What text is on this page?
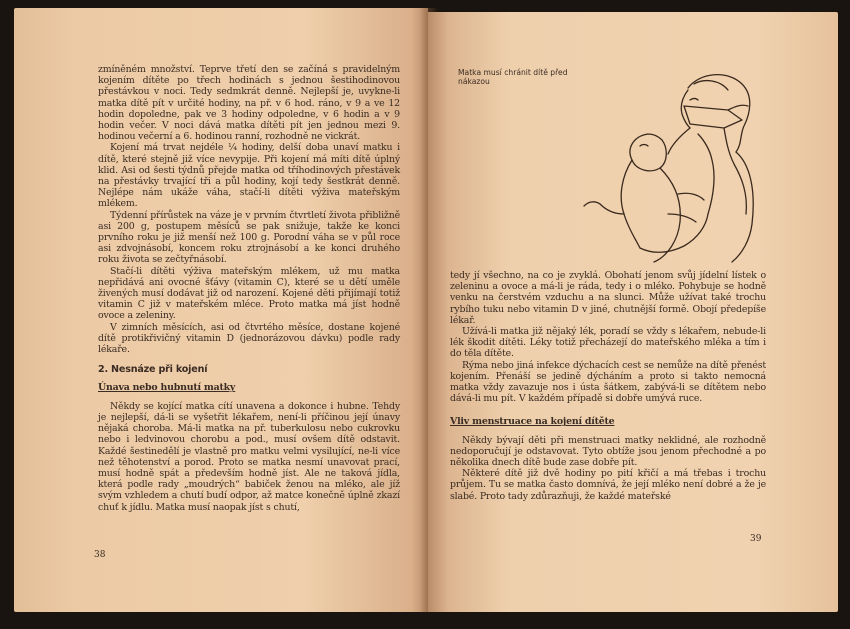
zmíněném množství. Teprve třetí den se začíná s pravidelným kojením dítěte po třech hodinách s jednou šestihodinovou přestávkou v noci. Tedy sedmkrát denně. Nejlepší je, uvykne-li matka dítě pít v určité hodiny, na př. v 6 hod. ráno, v 9 a ve 12 hodin dopoledne, pak ve 3 hodiny odpoledne, v 6 hodin a v 9 hodin večer. V noci dává matka dítěti pít jen jednou mezi 9. hodinou večerní a 6. hodinou ranní, rozhodně ne vickrát.

Kojení má trvat nejdéle ¼ hodiny, delší doba unaví matku i dítě, které stejně již více nevypije. Při kojení má míti dítě úplný klid. Asi od šesti týdnů přejde matka od tříhodinových přestávek na přestávky trvající tři a půl hodiny, kojí tedy šestkrát denně. Nejlépe nám ukáže váha, stačí-li dítěti výživa mateřským mlékem.

Týdenní přírůstek na váze je v prvním čtvrtletí života přibližně asi 200 g, postupem měsíců se pak snižuje, takže ke konci prvního roku je již menší než 100 g. Porodní váha se v půl roce asi zdvojnásobí, koncem roku ztrojnásobí a ke konci druhého roku života se zečtyřnásobí.

Stačí-li dítěti výživa mateřským mlékem, už mu matka nepřidává ani ovocné šťávy (vitamin C), které se u dětí uměle živených musí dodávat již od narození. Kojené děti přijímají totiž vitamin C již v mateřském mléce. Proto matka má jíst hodně ovoce a zeleniny.

V zimních měsících, asi od čtvrtého měsíce, dostane kojené dítě protikřivičný vitamin D (jednorázovou dávku) podle rady lékaře.

2. Nesnáze při kojení
Únava nebo hubnutí matky

Někdy se kojící matka cítí unavena a dokonce i hubne. Tehdy je nejlepší, dá-li se vyšetřit lékařem, není-li příčinou její únavy nějaká choroba. Má-li matka na př. tuberkulosu nebo cukrovku nebo i ledvinovou chorobu a pod., musí ovšem dítě odstavit. Každé šestinedělí je vlastně pro matku velmi vysilující, ne-li více než těhotenství a porod. Proto se matka nesmí unavovat prací, musí hodně spát a především hodně jíst. Ale ne taková jídla, která podle rady „moudrých“ babiček ženou na mléko, ale jíž svým vzhledem a chutí budí odpor, až matce konečně úplně zkazí chuť k jídlu. Matka musí naopak jíst s chutí,

38
Matka musí chránit dítě před nákazou

tedy jí všechno, na co je zvyklá. Obohatí jenom svůj jídelní lístek o zeleninu a ovoce a má-li je ráda, tedy i o mléko. Pohybuje se hodně venku na čerstvém vzduchu a na slunci. Může užívat také trochu rybího tuku nebo vitamin D v jiné, chutnější formě. Obojí předepíše lékař.

Užívá-li matka již nějaký lék, poradí se vždy s lékařem, nebude-li lék škodit dítěti. Léky totiž přecházejí do mateřského mléka a tím i do těla dítěte.

Rýma nebo jiná infekce dýchacích cest se nemůže na dítě přenést kojením. Přenáší se jedině dýcháním a proto si takto nemocná matka vždy zavazuje nos i ústa šátkem, zabývá-li se dítětem nebo dává-li mu pít. V každém případě si dobře umývá ruce.

Vliv menstruace na kojení dítěte

Někdy bývají děti při menstruaci matky neklidné, ale rozhodně nedoporučují je odstavovat. Tyto obtíže jsou jenom přechodné a po několika dnech dítě bude zase dobře pít.

Některé dítě již dvě hodiny po pití křičí a má třebas i trochu průjem. Tu se matka často domnívá, že její mléko není dobré a že je slabé. Proto tady zdůrazňuji, že každé mateřské

39
